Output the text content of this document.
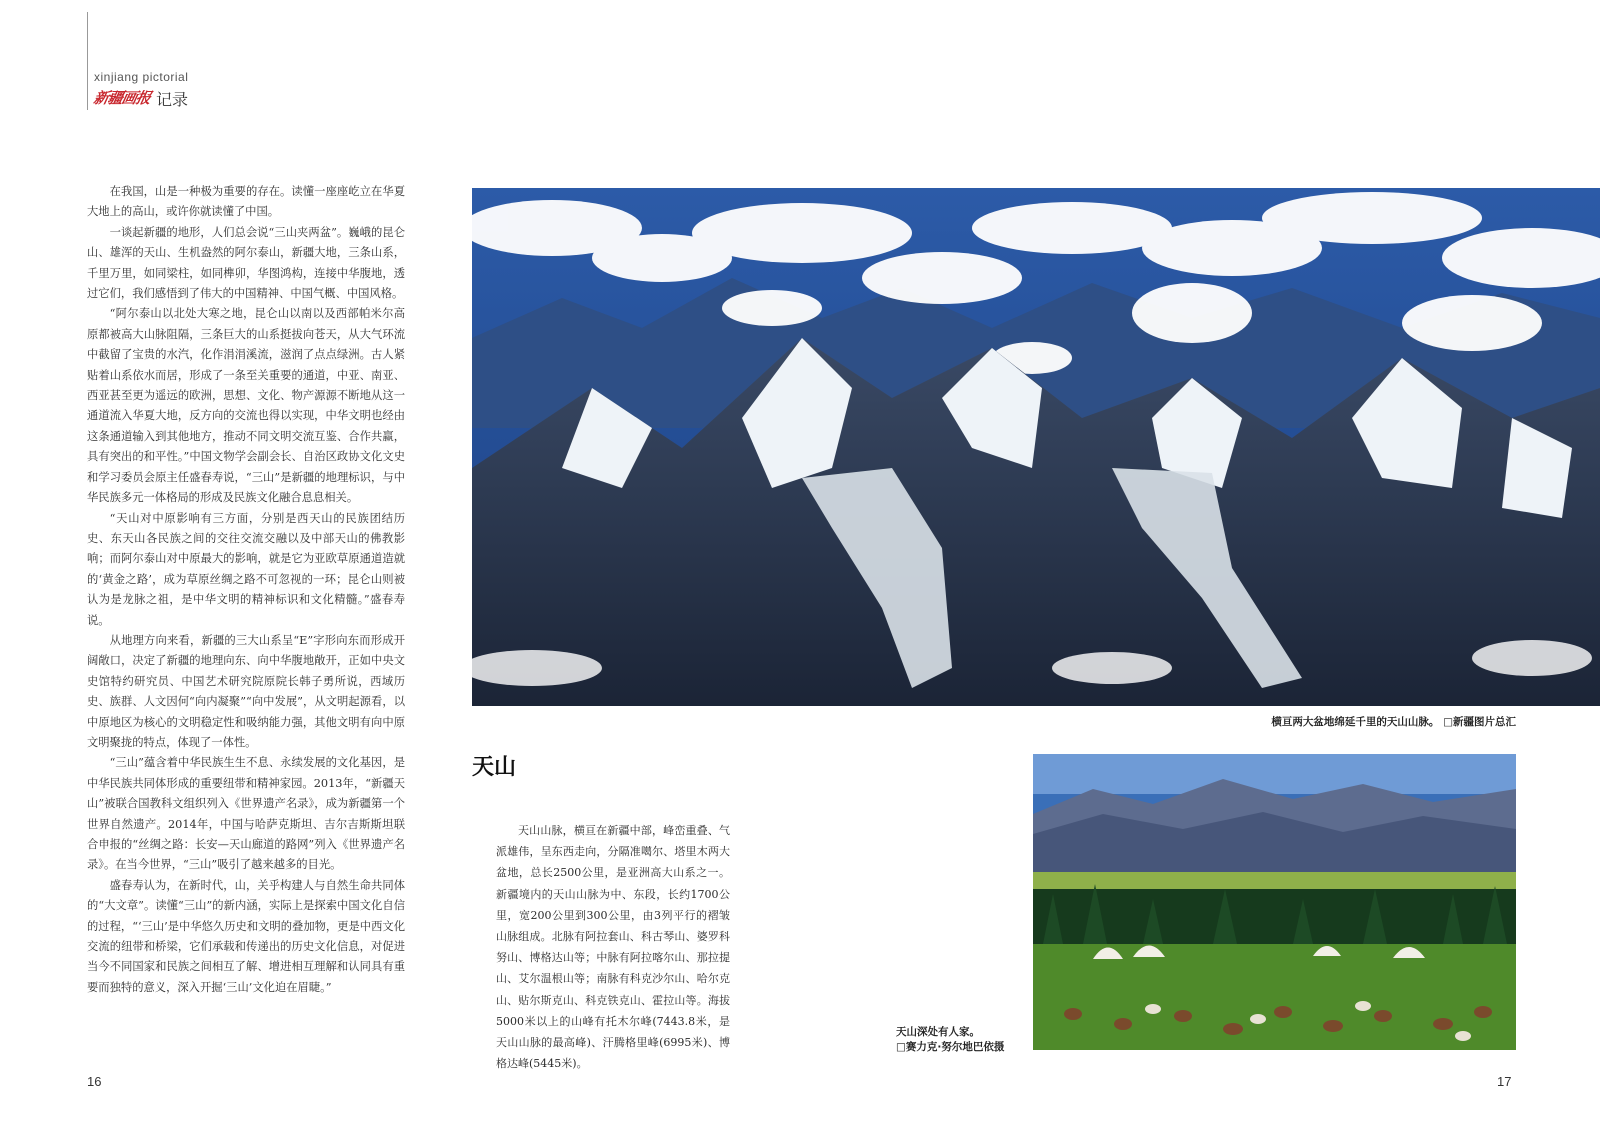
xinjiang pictorial
新疆画报 记录

在我国，山是一种极为重要的存在。读懂一座座屹立在华夏大地上的高山，或许你就读懂了中国。

一谈起新疆的地形，人们总会说“三山夹两盆”。巍峨的昆仑山、雄浑的天山、生机盎然的阿尔泰山，新疆大地，三条山系，千里万里，如同梁柱，如同榫卯，华图鸿构，连接中华腹地，透过它们，我们感悟到了伟大的中国精神、中国气概、中国风格。

“阿尔泰山以北处大寒之地，昆仑山以南以及西部帕米尔高原都被高大山脉阻隔，三条巨大的山系挺拔向苍天，从大气环流中截留了宝贵的水汽，化作涓涓溪流，滋润了点点绿洲。古人紧贴着山系依水而居，形成了一条至关重要的通道，中亚、南亚、西亚甚至更为遥远的欧洲，思想、文化、物产源源不断地从这一通道流入华夏大地，反方向的交流也得以实现，中华文明也经由这条通道输入到其他地方，推动不同文明交流互鉴、合作共赢，具有突出的和平性。”中国文物学会副会长、自治区政协文化文史和学习委员会原主任盛春寿说，“三山”是新疆的地理标识，与中华民族多元一体格局的形成及民族文化融合息息相关。

“天山对中原影响有三方面，分别是西天山的民族团结历史、东天山各民族之间的交往交流交融以及中部天山的佛教影响；而阿尔泰山对中原最大的影响，就是它为亚欧草原通道造就的‘黄金之路’，成为草原丝绸之路不可忽视的一环；昆仑山则被认为是龙脉之祖，是中华文明的精神标识和文化精髓。”盛春寿说。

从地理方向来看，新疆的三大山系呈“E”字形向东而形成开阔敞口，决定了新疆的地理向东、向中华腹地敞开，正如中央文史馆特约研究员、中国艺术研究院原院长韩子勇所说，西域历史、族群、人文因何“向内凝聚”“向中发展”，从文明起源看，以中原地区为核心的文明稳定性和吸纳能力强，其他文明有向中原文明聚拢的特点，体现了一体性。

“三山”蕴含着中华民族生生不息、永续发展的文化基因，是中华民族共同体形成的重要纽带和精神家园。2013年，“新疆天山”被联合国教科文组织列入《世界遗产名录》，成为新疆第一个世界自然遗产。2014年，中国与哈萨克斯坦、吉尔吉斯斯坦联合申报的“丝绸之路：长安—天山廊道的路网”列入《世界遗产名录》。在当今世界，“三山”吸引了越来越多的目光。

盛春寿认为，在新时代，山，关乎构建人与自然生命共同体的“大文章”。读懂“三山”的新内涵，实际上是探索中国文化自信的过程，“‘三山’是中华悠久历史和文明的叠加物，更是中西文化交流的纽带和桥梁，它们承载和传递出的历史文化信息，对促进当今不同国家和民族之间相互了解、增进相互理解和认同具有重要而独特的意义，深入开掘‘三山’文化迫在眉睫。”

横亘两大盆地绵延千里的天山山脉。 □新疆图片总汇
天山

天山山脉，横亘在新疆中部，峰峦重叠、气派雄伟，呈东西走向，分隔准噶尔、塔里木两大盆地，总长2500公里，是亚洲高大山系之一。新疆境内的天山山脉为中、东段，长约1700公里，宽200公里到300公里，由3列平行的褶皱山脉组成。北脉有阿拉套山、科古琴山、婆罗科努山、博格达山等；中脉有阿拉喀尔山、那拉提山、艾尔温根山等；南脉有科克沙尔山、哈尔克山、贴尔斯克山、科克铁克山、霍拉山等。海拔5000米以上的山峰有托木尔峰(7443.8米，是天山山脉的最高峰)、汗腾格里峰(6995米)、博格达峰(5445米)。

天山深处有人家。
□赛力克·努尔地巴依摄
16	17
